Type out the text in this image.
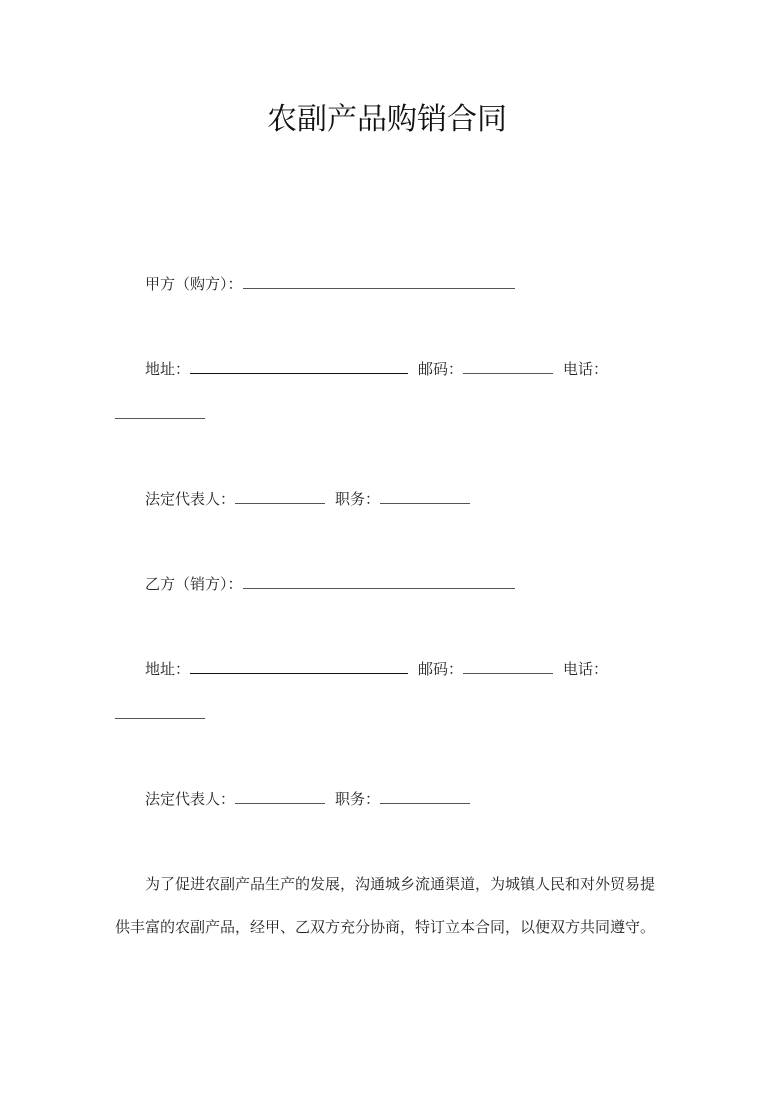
农副产品购销合同
甲方（购方）：
地址：	邮码：	电话：
法定代表人：	职务：
乙方（销方）：
地址：	邮码：	电话：
法定代表人：	职务：
为了促进农副产品生产的发展，沟通城乡流通渠道，为城镇人民和对外贸易提
供丰富的农副产品，经甲、乙双方充分协商，特订立本合同，以便双方共同遵守。
